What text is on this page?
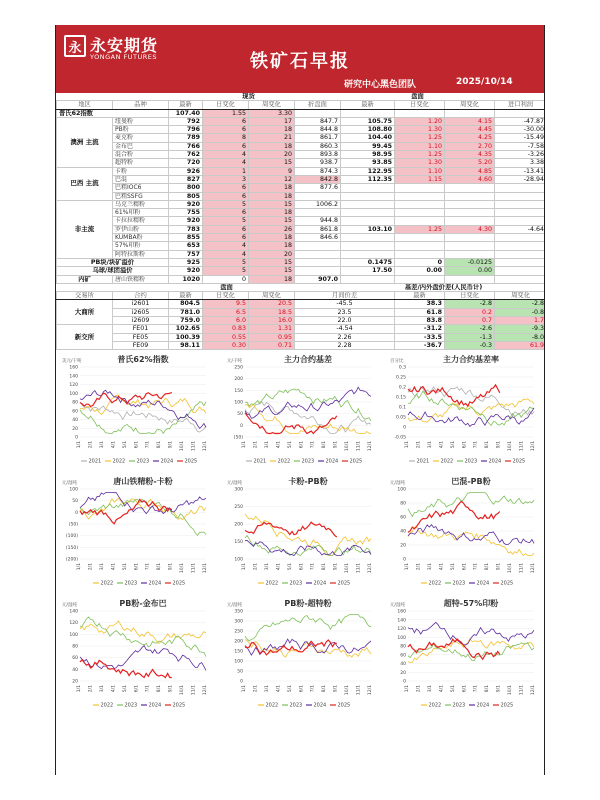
永 永安期货
YONGAN FUTURES	铁矿石早报
研究中心黑色团队	2025/10/14
			现货			盘面			
地区	品种	最新	日变化	周变化	折盘面	最新	日变化	周变化	进口利润
普氏62指数		107.40	1.55	3.30					
澳洲 主流	纽曼粉	792	6	17	847.7	105.75	1.20	4.15	-47.87
	PB粉	796	6	18	844.8	108.80	1.30	4.45	-30.00
	麦克粉	789	8	21	861.7	104.40	1.25	4.25	-15.49
	金布巴	766	6	18	860.3	99.45	1.10	2.70	-7.58
	混合粉	762	4	20	893.8	98.95	1.25	4.35	-3.26
	超特粉	720	4	15	938.7	93.85	1.30	5.20	3.38
巴西 主流	卡粉	926	1	9	874.3	122.95	1.10	4.85	-13.41
	巴混	827	3	12	842.8	112.35	1.15	4.60	-28.94
	巴粗IOC6	800	6	18	877.6				
	巴粗SSFG	805	6	18					
非主流	乌克兰精粉	920	5	15	1006.2				
	61%印粉	755	6	18					
	卡拉拉精粉	920	5	15	944.8				
	罗伊山粉	783	6	26	861.8	103.10	1.25	4.30	-4.64
	KUMBA粉	855	6	18	846.6				
	57%印粉	653	4	18					
	阿特拉斯粉	757	4	20					
PB块/块矿溢价		925	5	15		0.1475	0	-0.0125	
乌球/球团溢价		920	5	15		17.50	0.00	0.00	
内矿	唐山铁精粉	1020	0	18	907.0				
	盘面					基差/内外盘价差(人民币计)			
交易所	合约	最新	日变化	周变化	月间价差		最新	日变化	周变化
大商所	i2601	804.5	9.5	20.5	-45.5		38.3	-2.8	-2.8
	i2605	781.0	6.5	18.5	23.5		61.8	0.2	-0.8
	i2609	759.0	6.0	16.0	22.0		83.8	0.7	1.7
新交所	FE01	102.65	0.83	1.31	-4.54		-31.2	-2.6	-9.3
	FE05	100.39	0.55	0.95	2.26		-33.5	-1.3	-8.0
	FE09	98.11	0.30	0.71	2.28		-36.7	-0.3	61.9
普氏62%指数
美元/干吨
160
140
120
100
80
60
40
20
0
1/1 2/1 3/1 4/1 5/1 6/1 7/1 8/1 9/1 10/1 11/1 12/1
2021 2022 2023 2024 2025
主力合约基差
元/干吨
250
200
150
100
50
0
(50)
1/1 2/1 3/1 4/1 5/1 6/1 7/1 8/1 9/1 10/1 11/1 12/1
2021 2022 2023 2024 2025
主力合约基差率
百分比
0.3
0.25
0.2
0.15
0.1
0.05
0
-0.05
1/1 2/1 3/1 4/1 5/1 6/1 7/1 8/1 9/1 10/1 11/1 12/1
2021 2022 2023 2024 2025
唐山铁精粉-卡粉
元/湿吨
100
50
0
(50)
(100)
(150)
(200)
1/1 2/1 3/1 4/1 5/1 6/1 7/1 8/1 9/1 10/1 11/1 12/1
2022 2023 2024 2025
卡粉-PB粉
元/湿吨
300
250
200
150
100
1/1 2/1 3/1 4/1 5/1 6/1 7/1 8/1 9/1 10/1 11/1 12/1
2022 2023 2024 2025
巴混-PB粉
元/湿吨
100
80
60
40
20
0
1/1 2/1 3/1 4/1 5/1 6/1 7/1 8/1 9/1 10/1 11/1 12/1
2022 2023 2024 2025
PB粉-金布巴
元/湿吨
140
120
100
80
60
40
20
1/1 2/1 3/1 4/1 5/1 6/1 7/1 8/1 9/1 10/1 11/1 12/1
2022 2023 2024 2025
PB粉-超特粉
元/湿吨
350
300
250
200
150
100
50
0
1/1 2/1 3/1 4/1 5/1 6/1 7/1 8/1 9/1 10/1 11/1 12/1
2022 2023 2024 2025
超特-57%印粉
元/湿吨
160
140
120
100
80
60
40
20
0
1/1 2/1 3/1 4/1 5/1 6/1 7/1 8/1 9/1 10/1 11/1 12/1
2022 2023 2024 2025
